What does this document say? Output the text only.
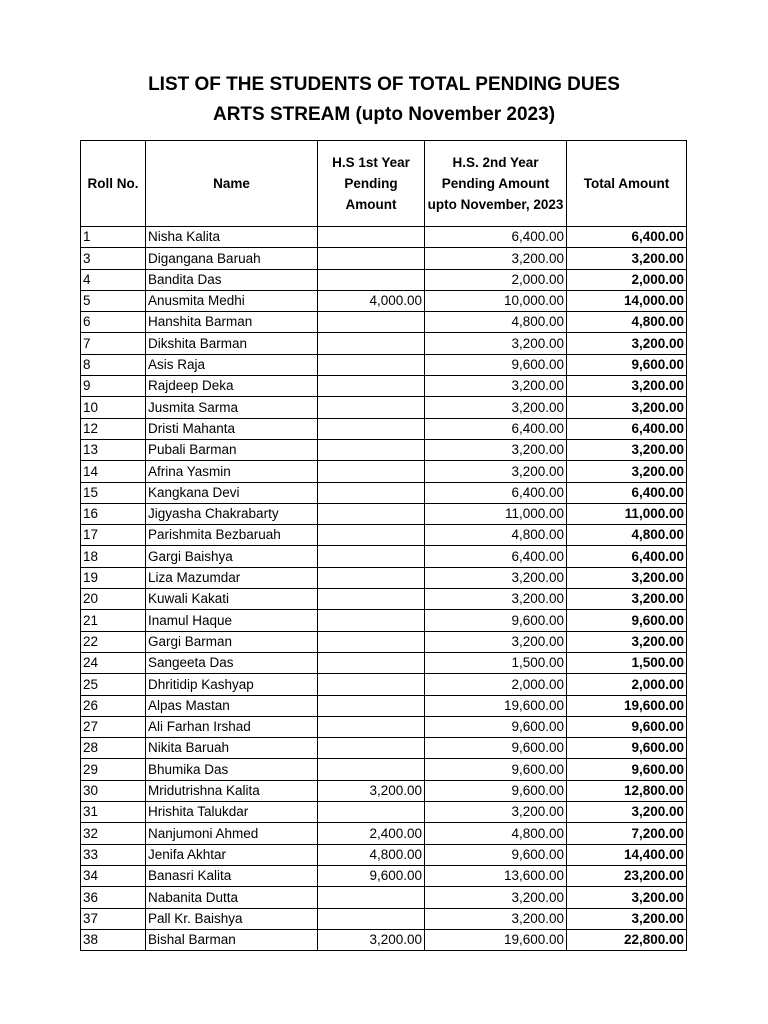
LIST OF THE STUDENTS OF TOTAL PENDING DUES
ARTS STREAM (upto November 2023)
Roll No.	Name	H.S 1st Year Pending Amount	H.S. 2nd Year Pending Amount upto November, 2023	Total Amount
1	Nisha Kalita		6,400.00	6,400.00
3	Digangana Baruah		3,200.00	3,200.00
4	Bandita Das		2,000.00	2,000.00
5	Anusmita Medhi	4,000.00	10,000.00	14,000.00
6	Hanshita Barman		4,800.00	4,800.00
7	Dikshita Barman		3,200.00	3,200.00
8	Asis Raja		9,600.00	9,600.00
9	Rajdeep Deka		3,200.00	3,200.00
10	Jusmita Sarma		3,200.00	3,200.00
12	Dristi Mahanta		6,400.00	6,400.00
13	Pubali Barman		3,200.00	3,200.00
14	Afrina Yasmin		3,200.00	3,200.00
15	Kangkana Devi		6,400.00	6,400.00
16	Jigyasha Chakrabarty		11,000.00	11,000.00
17	Parishmita Bezbaruah		4,800.00	4,800.00
18	Gargi Baishya		6,400.00	6,400.00
19	Liza Mazumdar		3,200.00	3,200.00
20	Kuwali Kakati		3,200.00	3,200.00
21	Inamul Haque		9,600.00	9,600.00
22	Gargi Barman		3,200.00	3,200.00
24	Sangeeta Das		1,500.00	1,500.00
25	Dhritidip Kashyap		2,000.00	2,000.00
26	Alpas Mastan		19,600.00	19,600.00
27	Ali Farhan Irshad		9,600.00	9,600.00
28	Nikita Baruah		9,600.00	9,600.00
29	Bhumika Das		9,600.00	9,600.00
30	Mridutrishna Kalita	3,200.00	9,600.00	12,800.00
31	Hrishita Talukdar		3,200.00	3,200.00
32	Nanjumoni Ahmed	2,400.00	4,800.00	7,200.00
33	Jenifa Akhtar	4,800.00	9,600.00	14,400.00
34	Banasri Kalita	9,600.00	13,600.00	23,200.00
36	Nabanita Dutta		3,200.00	3,200.00
37	Pall Kr. Baishya		3,200.00	3,200.00
38	Bishal Barman	3,200.00	19,600.00	22,800.00
